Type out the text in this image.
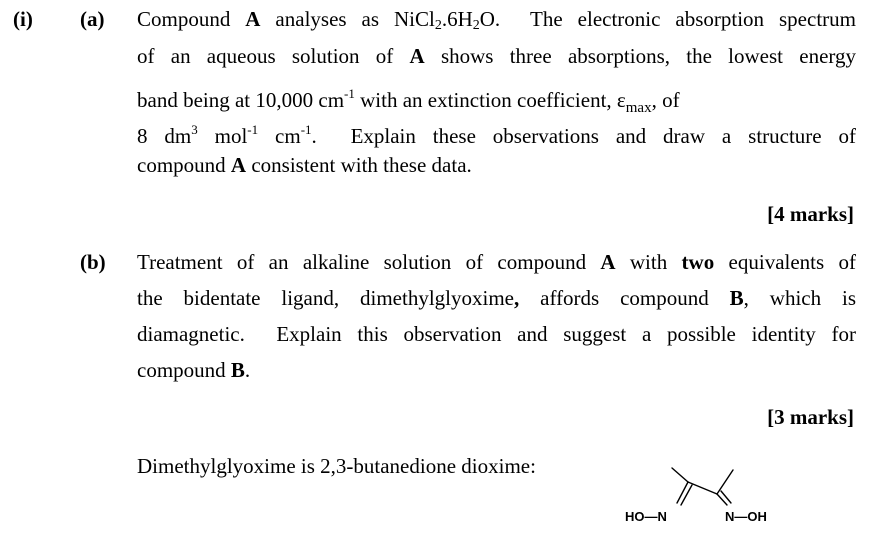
(i) (a) Compound A analyses as $NiCl_2.6H_2O$.  The electronic absorption spectrum
of an aqueous solution of A shows three absorptions, the lowest energy
band being at 10,000 $cm^{-1}$ with an extinction coefficient, $\varepsilon_{max}$, of
8 $dm^3$ mol$^{-1}$ $cm^{-1}$.  Explain these observations and draw a structure of
compound A consistent with these data.
[4 marks]
(b) Treatment of an alkaline solution of compound A with two equivalents of
the bidentate ligand, dimethylglyoxime, affords compound B, which is
diamagnetic.  Explain this observation and suggest a possible identity for
compound B.
[3 marks]
Dimethylglyoxime is 2,3-butanedione dioxime:
HO—N	N—OH
